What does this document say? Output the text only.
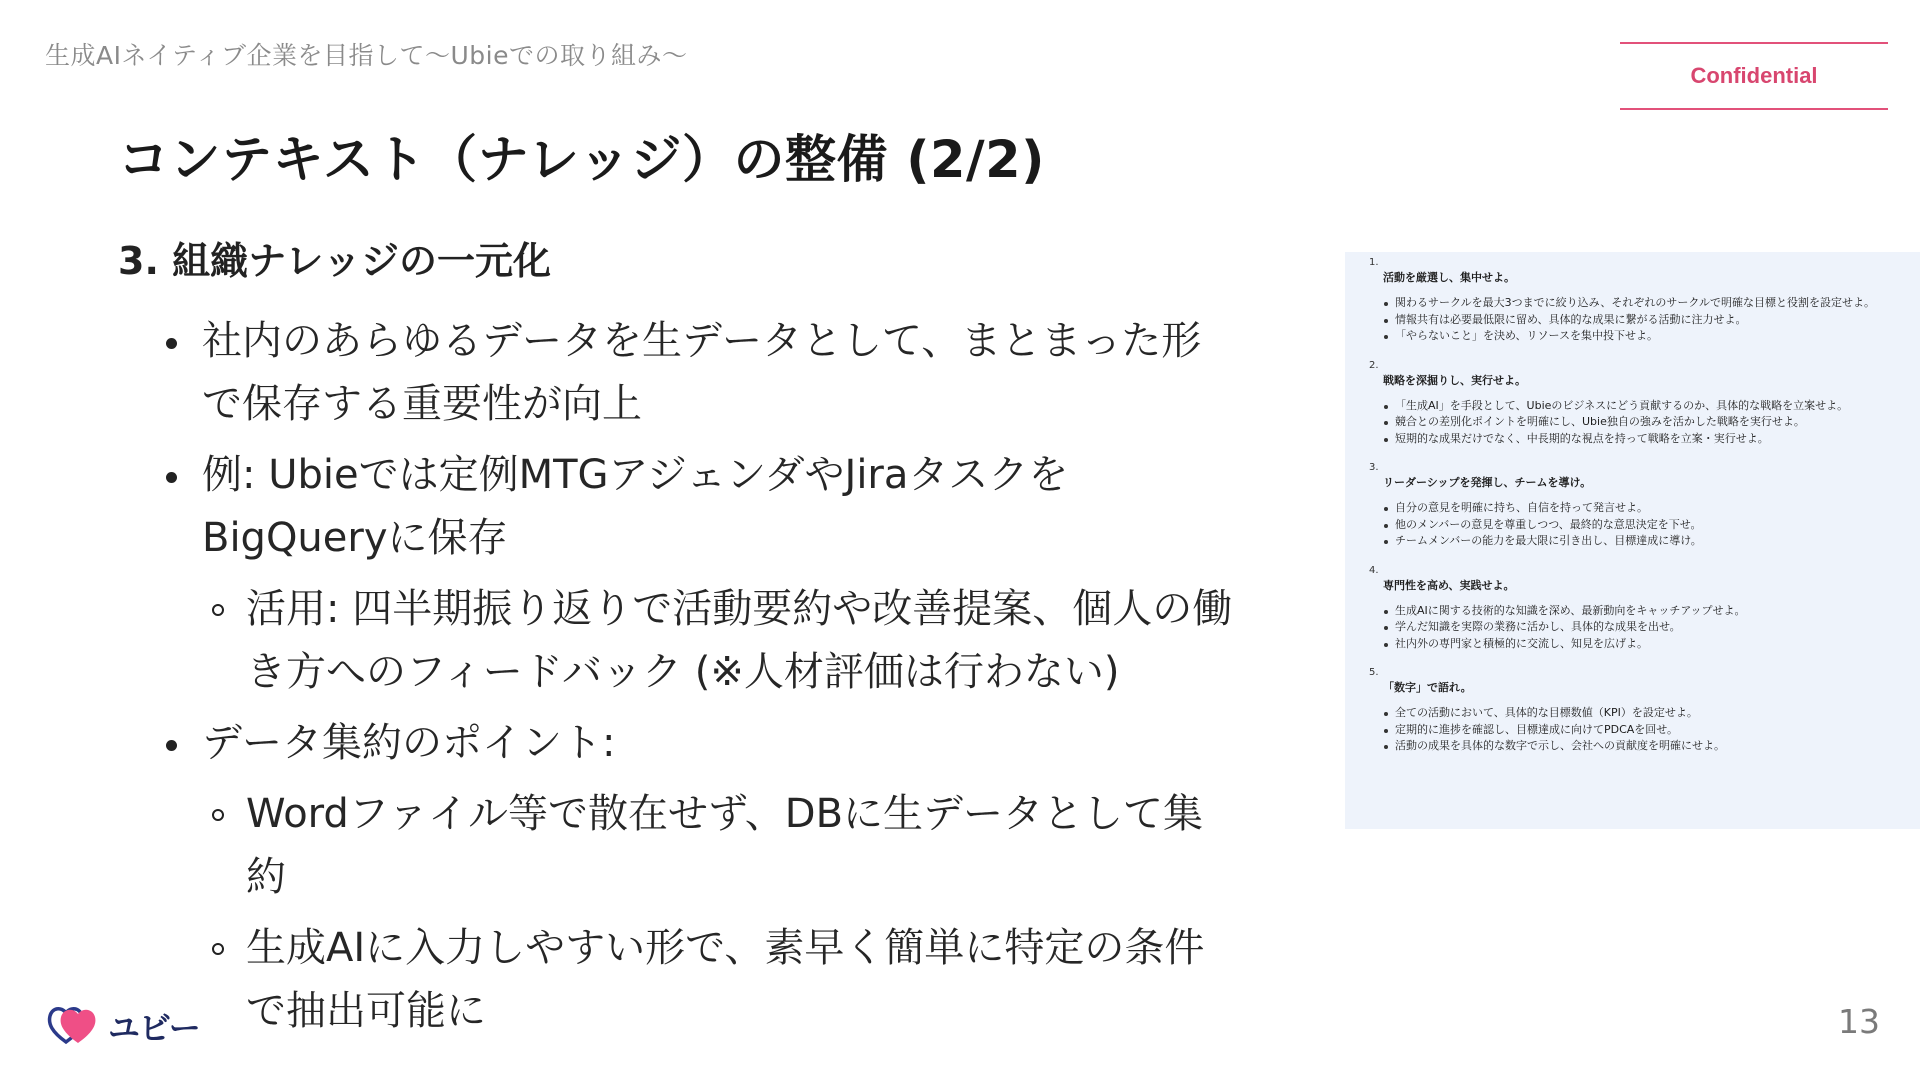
生成AIネイティブ企業を目指して〜Ubieでの取り組み〜
Confidential
コンテキスト（ナレッジ）の整備 (2/2)
3. 組織ナレッジの一元化
社内のあらゆるデータを生データとして、まとまった形で保存する重要性が向上
例: Ubieでは定例MTGアジェンダやJiraタスクをBigQueryに保存
活用: 四半期振り返りで活動要約や改善提案、個人の働き方へのフィードバック (※人材評価は行わない)
データ集約のポイント:
Wordファイル等で散在せず、DBに生データとして集約
生成AIに入力しやすい形で、素早く簡単に特定の条件で抽出可能に
1.
活動を厳選し、集中せよ。
関わるサークルを最大3つまでに絞り込み、それぞれのサークルで明確な目標と役割を設定せよ。
情報共有は必要最低限に留め、具体的な成果に繋がる活動に注力せよ。
「やらないこと」を決め、リソースを集中投下せよ。
2.
戦略を深掘りし、実行せよ。
「生成AI」を手段として、Ubieのビジネスにどう貢献するのか、具体的な戦略を立案せよ。
競合との差別化ポイントを明確にし、Ubie独自の強みを活かした戦略を実行せよ。
短期的な成果だけでなく、中長期的な視点を持って戦略を立案・実行せよ。
3.
リーダーシップを発揮し、チームを導け。
自分の意見を明確に持ち、自信を持って発言せよ。
他のメンバーの意見を尊重しつつ、最終的な意思決定を下せ。
チームメンバーの能力を最大限に引き出し、目標達成に導け。
4.
専門性を高め、実践せよ。
生成AIに関する技術的な知識を深め、最新動向をキャッチアップせよ。
学んだ知識を実際の業務に活かし、具体的な成果を出せ。
社内外の専門家と積極的に交流し、知見を広げよ。
5.
「数字」で語れ。
全ての活動において、具体的な目標数値（KPI）を設定せよ。
定期的に進捗を確認し、目標達成に向けてPDCAを回せ。
活動の成果を具体的な数字で示し、会社への貢献度を明確にせよ。
ユビー	13
